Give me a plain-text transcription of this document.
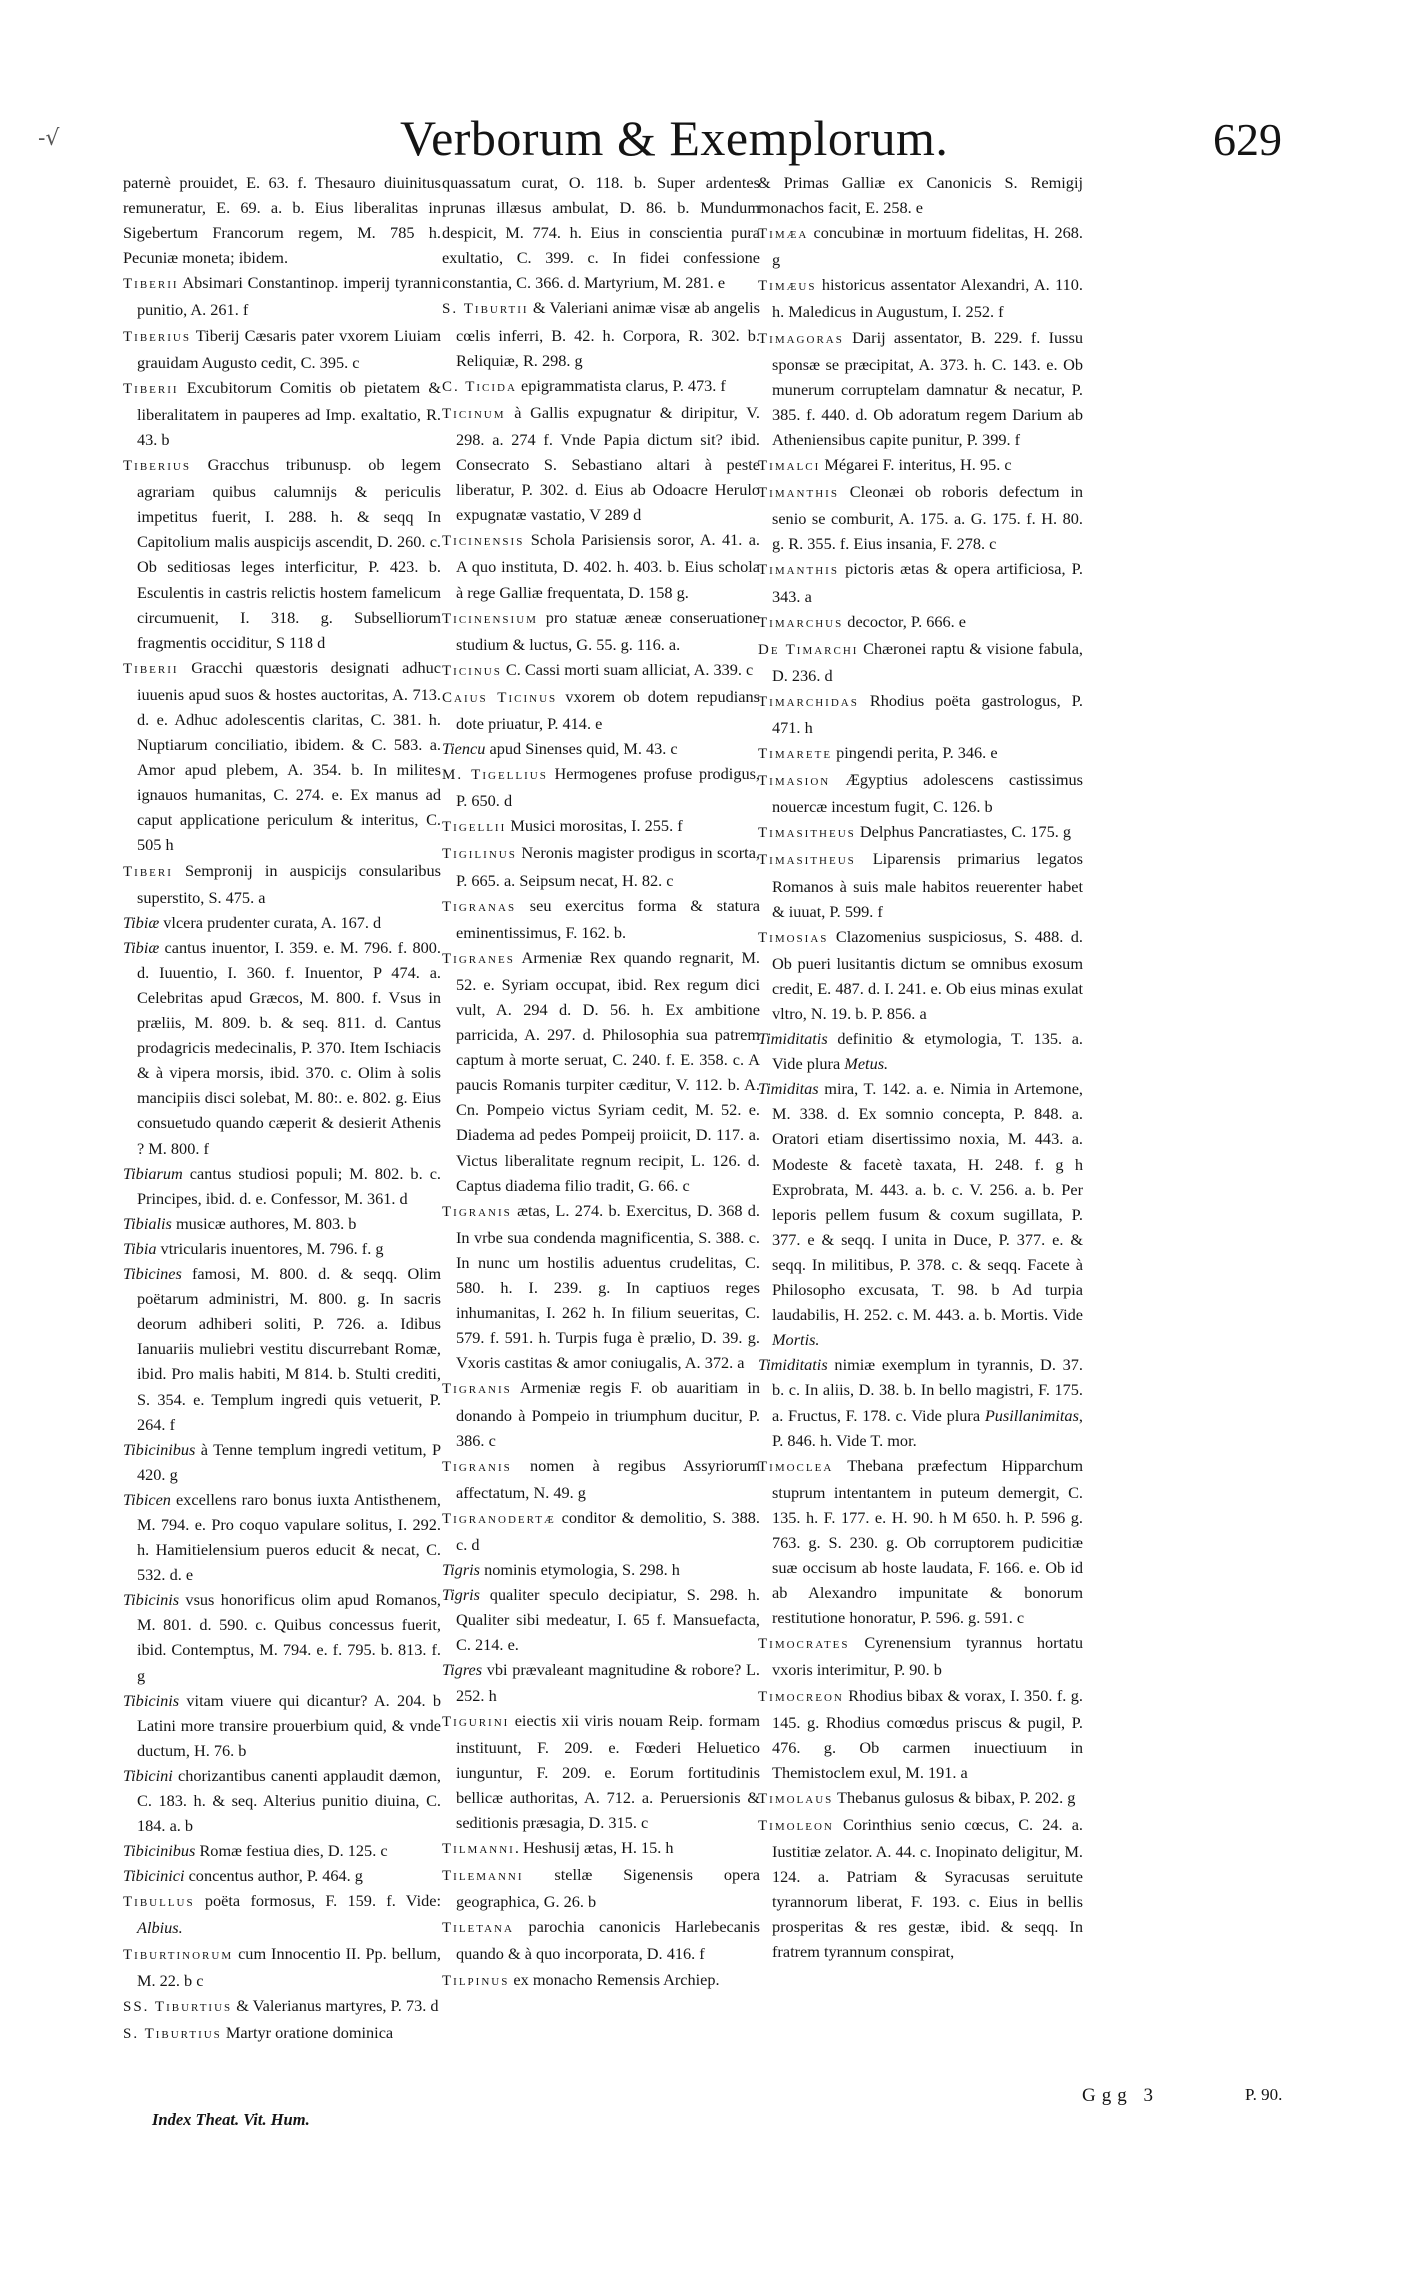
-√	Verborum & Exemplorum.	629

paternè prouidet, E. 63. f. Thesauro diuinitus remuneratur, E. 69. a. b. Eius liberalitas in Sigebertum Francorum regem, M. 785 h. Pecuniæ moneta; ibidem.

Tiberii Absimari Constantinop. imperij tyranni punitio, A. 261. f

Tiberius Tiberij Cæsaris pater vxorem Liuiam grauidam Augusto cedit, C. 395. c

Tiberii Excubitorum Comitis ob pietatem & liberalitatem in pauperes ad Imp. exaltatio, R. 43. b

Tiberius Gracchus tribunusp. ob legem agrariam quibus calumnijs & periculis impetitus fuerit, I. 288. h. & seqq In Capitolium malis auspicijs ascendit, D. 260. c. Ob seditiosas leges interficitur, P. 423. b. Esculentis in castris relictis hostem famelicum circumuenit, I. 318. g. Subselliorum fragmentis occiditur, S 118 d

Tiberii Gracchi quæstoris designati adhuc iuuenis apud suos & hostes auctoritas, A. 713. d. e. Adhuc adolescentis claritas, C. 381. h. Nuptiarum conciliatio, ibidem. & C. 583. a. Amor apud plebem, A. 354. b. In milites ignauos humanitas, C. 274. e. Ex manus ad caput applicatione periculum & interitus, C. 505 h

Tiberi Sempronij in auspicijs consularibus superstito, S. 475. a

Tibiæ vlcera prudenter curata, A. 167. d

Tibiæ cantus inuentor, I. 359. e. M. 796. f. 800. d. Iuuentio, I. 360. f. Inuentor, P 474. a. Celebritas apud Græcos, M. 800. f. Vsus in præliis, M. 809. b. & seq. 811. d. Cantus prodagricis medecinalis, P. 370. Item Ischiacis & à vipera morsis, ibid. 370. c. Olim à solis mancipiis disci solebat, M. 80:. e. 802. g. Eius consuetudo quando cæperit & desierit Athenis ? M. 800. f

Tibiarum cantus studiosi populi; M. 802. b. c. Principes, ibid. d. e. Confessor, M. 361. d

Tibialis musicæ authores, M. 803. b

Tibia vtricularis inuentores, M. 796. f. g

Tibicines famosi, M. 800. d. & seqq. Olim poëtarum administri, M. 800. g. In sacris deorum adhiberi soliti, P. 726. a. Idibus Ianuariis muliebri vestitu discurrebant Romæ, ibid. Pro malis habiti, M 814. b. Stulti crediti, S. 354. e. Templum ingredi quis vetuerit, P. 264. f

Tibicinibus à Tenne templum ingredi vetitum, P 420. g

Tibicen excellens raro bonus iuxta Antisthenem, M. 794. e. Pro coquo vapulare solitus, I. 292. h. Hamitielensium pueros educit & necat, C. 532. d. e

Tibicinis vsus honorificus olim apud Romanos, M. 801. d. 590. c. Quibus concessus fuerit, ibid. Contemptus, M. 794. e. f. 795. b. 813. f. g

Tibicinis vitam viuere qui dicantur? A. 204. b Latini more transire prouerbium quid, & vnde ductum, H. 76. b

Tibicini chorizantibus canenti applaudit dæmon, C. 183. h. & seq. Alterius punitio diuina, C. 184. a. b

Tibicinibus Romæ festiua dies, D. 125. c

Tibicinici concentus author, P. 464. g

Tibullus poëta formosus, F. 159. f. Vide: Albius.

Tiburtinorum cum Innocentio II. Pp. bellum, M. 22. b c

SS. Tiburtius & Valerianus martyres, P. 73. d

S. Tiburtius Martyr oratione dominica

quassatum curat, O. 118. b. Super ardentes prunas illæsus ambulat, D. 86. b. Mundum despicit, M. 774. h. Eius in conscientia pura exultatio, C. 399. c. In fidei confessione constantia, C. 366. d. Martyrium, M. 281. e

S. Tiburtii & Valeriani animæ visæ ab angelis cœlis inferri, B. 42. h. Corpora, R. 302. b. Reliquiæ, R. 298. g

C. Ticida epigrammatista clarus, P. 473. f

Ticinum à Gallis expugnatur & diripitur, V. 298. a. 274 f. Vnde Papia dictum sit? ibid. Consecrato S. Sebastiano altari à peste liberatur, P. 302. d. Eius ab Odoacre Herulo expugnatæ vastatio, V 289 d

Ticinensis Schola Parisiensis soror, A. 41. a. A quo instituta, D. 402. h. 403. b. Eius schola à rege Galliæ frequentata, D. 158 g.

Ticinensium pro statuæ æneæ conseruatione studium & luctus, G. 55. g. 116. a.

Ticinus C. Cassi morti suam alliciat, A. 339. c

Caius Ticinus vxorem ob dotem repudians dote priuatur, P. 414. e

Tiencu apud Sinenses quid, M. 43. c

M. Tigellius Hermogenes profuse prodigus, P. 650. d

Tigellii Musici morositas, I. 255. f

Tigilinus Neronis magister prodigus in scorta, P. 665. a. Seipsum necat, H. 82. c

Tigranas seu exercitus forma & statura eminentissimus, F. 162. b.

Tigranes Armeniæ Rex quando regnarit, M. 52. e. Syriam occupat, ibid. Rex regum dici vult, A. 294 d. D. 56. h. Ex ambitione parricida, A. 297. d. Philosophia sua patrem captum à morte seruat, C. 240. f. E. 358. c. A paucis Romanis turpiter cæditur, V. 112. b. A. Cn. Pompeio victus Syriam cedit, M. 52. e. Diadema ad pedes Pompeij proiicit, D. 117. a. Victus liberalitate regnum recipit, L. 126. d. Captus diadema filio tradit, G. 66. c

Tigranis ætas, L. 274. b. Exercitus, D. 368 d. In vrbe sua condenda magnificentia, S. 388. c. In nunc um hostilis aduentus crudelitas, C. 580. h. I. 239. g. In captiuos reges inhumanitas, I. 262 h. In filium seueritas, C. 579. f. 591. h. Turpis fuga è prælio, D. 39. g. Vxoris castitas & amor coniugalis, A. 372. a

Tigranis Armeniæ regis F. ob auaritiam in donando à Pompeio in triumphum ducitur, P. 386. c

Tigranis nomen à regibus Assyriorum affectatum, N. 49. g

Tigranodertæ conditor & demolitio, S. 388. c. d

Tigris nominis etymologia, S. 298. h

Tigris qualiter speculo decipiatur, S. 298. h. Qualiter sibi medeatur, I. 65 f. Mansuefacta, C. 214. e.

Tigres vbi prævaleant magnitudine & robore? L. 252. h

Tigurini eiectis xii viris nouam Reip. formam instituunt, F. 209. e. Fœderi Heluetico iunguntur, F. 209. e. Eorum fortitudinis bellicæ authoritas, A. 712. a. Peruersionis & seditionis præsagia, D. 315. c

Tilmanni. Heshusij ætas, H. 15. h

Tilemanni stellæ Sigenensis opera geographica, G. 26. b

Tiletana parochia canonicis Harlebecanis quando & à quo incorporata, D. 416. f

Tilpinus ex monacho Remensis Archiep.

& Primas Galliæ ex Canonicis S. Remigij monachos facit, E. 258. e

Timæa concubinæ in mortuum fidelitas, H. 268. g

Timæus historicus assentator Alexandri, A. 110. h. Maledicus in Augustum, I. 252. f

Timagoras Darij assentator, B. 229. f. Iussu sponsæ se præcipitat, A. 373. h. C. 143. e. Ob munerum corruptelam damnatur & necatur, P. 385. f. 440. d. Ob adoratum regem Darium ab Atheniensibus capite punitur, P. 399. f

Timalci Mégarei F. interitus, H. 95. c

Timanthis Cleonæi ob roboris defectum in senio se comburit, A. 175. a. G. 175. f. H. 80. g. R. 355. f. Eius insania, F. 278. c

Timanthis pictoris ætas & opera artificiosa, P. 343. a

Timarchus decoctor, P. 666. e

De Timarchi Chæronei raptu & visione fabula, D. 236. d

Timarchidas Rhodius poëta gastrologus, P. 471. h

Timarete pingendi perita, P. 346. e

Timasion Ægyptius adolescens castissimus nouercæ incestum fugit, C. 126. b

Timasitheus Delphus Pancratiastes, C. 175. g

Timasitheus Liparensis primarius legatos Romanos à suis male habitos reuerenter habet & iuuat, P. 599. f

Timosias Clazomenius suspiciosus, S. 488. d. Ob pueri lusitantis dictum se omnibus exosum credit, E. 487. d. I. 241. e. Ob eius minas exulat vltro, N. 19. b. P. 856. a

Timiditatis definitio & etymologia, T. 135. a. Vide plura Metus.

Timiditas mira, T. 142. a. e. Nimia in Artemone, M. 338. d. Ex somnio concepta, P. 848. a. Oratori etiam disertissimo noxia, M. 443. a. Modeste & facetè taxata, H. 248. f. g h Exprobrata, M. 443. a. b. c. V. 256. a. b. Per leporis pellem fusum & coxum sugillata, P. 377. e & seqq. I unita in Duce, P. 377. e. & seqq. In militibus, P. 378. c. & seqq. Facete à Philosopho excusata, T. 98. b Ad turpia laudabilis, H. 252. c. M. 443. a. b. Mortis. Vide Mortis.

Timiditatis nimiæ exemplum in tyrannis, D. 37. b. c. In aliis, D. 38. b. In bello magistri, F. 175. a. Fructus, F. 178. c. Vide plura Pusillanimitas, P. 846. h. Vide T. mor.

Timoclea Thebana præfectum Hipparchum stuprum intentantem in puteum demergit, C. 135. h. F. 177. e. H. 90. h M 650. h. P. 596 g. 763. g. S. 230. g. Ob corruptorem pudicitiæ suæ occisum ab hoste laudata, F. 166. e. Ob id ab Alexandro impunitate & bonorum restitutione honoratur, P. 596. g. 591. c

Timocrates Cyrenensium tyrannus hortatu vxoris interimitur, P. 90. b

Timocreon Rhodius bibax & vorax, I. 350. f. g. 145. g. Rhodius comœdus priscus & pugil, P. 476. g. Ob carmen inuectiuum in Themistoclem exul, M. 191. a

Timolaus Thebanus gulosus & bibax, P. 202. g

Timoleon Corinthius senio cœcus, C. 24. a. Iustitiæ zelator. A. 44. c. Inopinato deligitur, M. 124. a. Patriam & Syracusas seruitute tyrannorum liberat, F. 193. c. Eius in bellis prosperitas & res gestæ, ibid. & seqq. In fratrem tyrannum conspirat,

Index Theat. Vit. Hum.
Ggg 3	P. 90.
